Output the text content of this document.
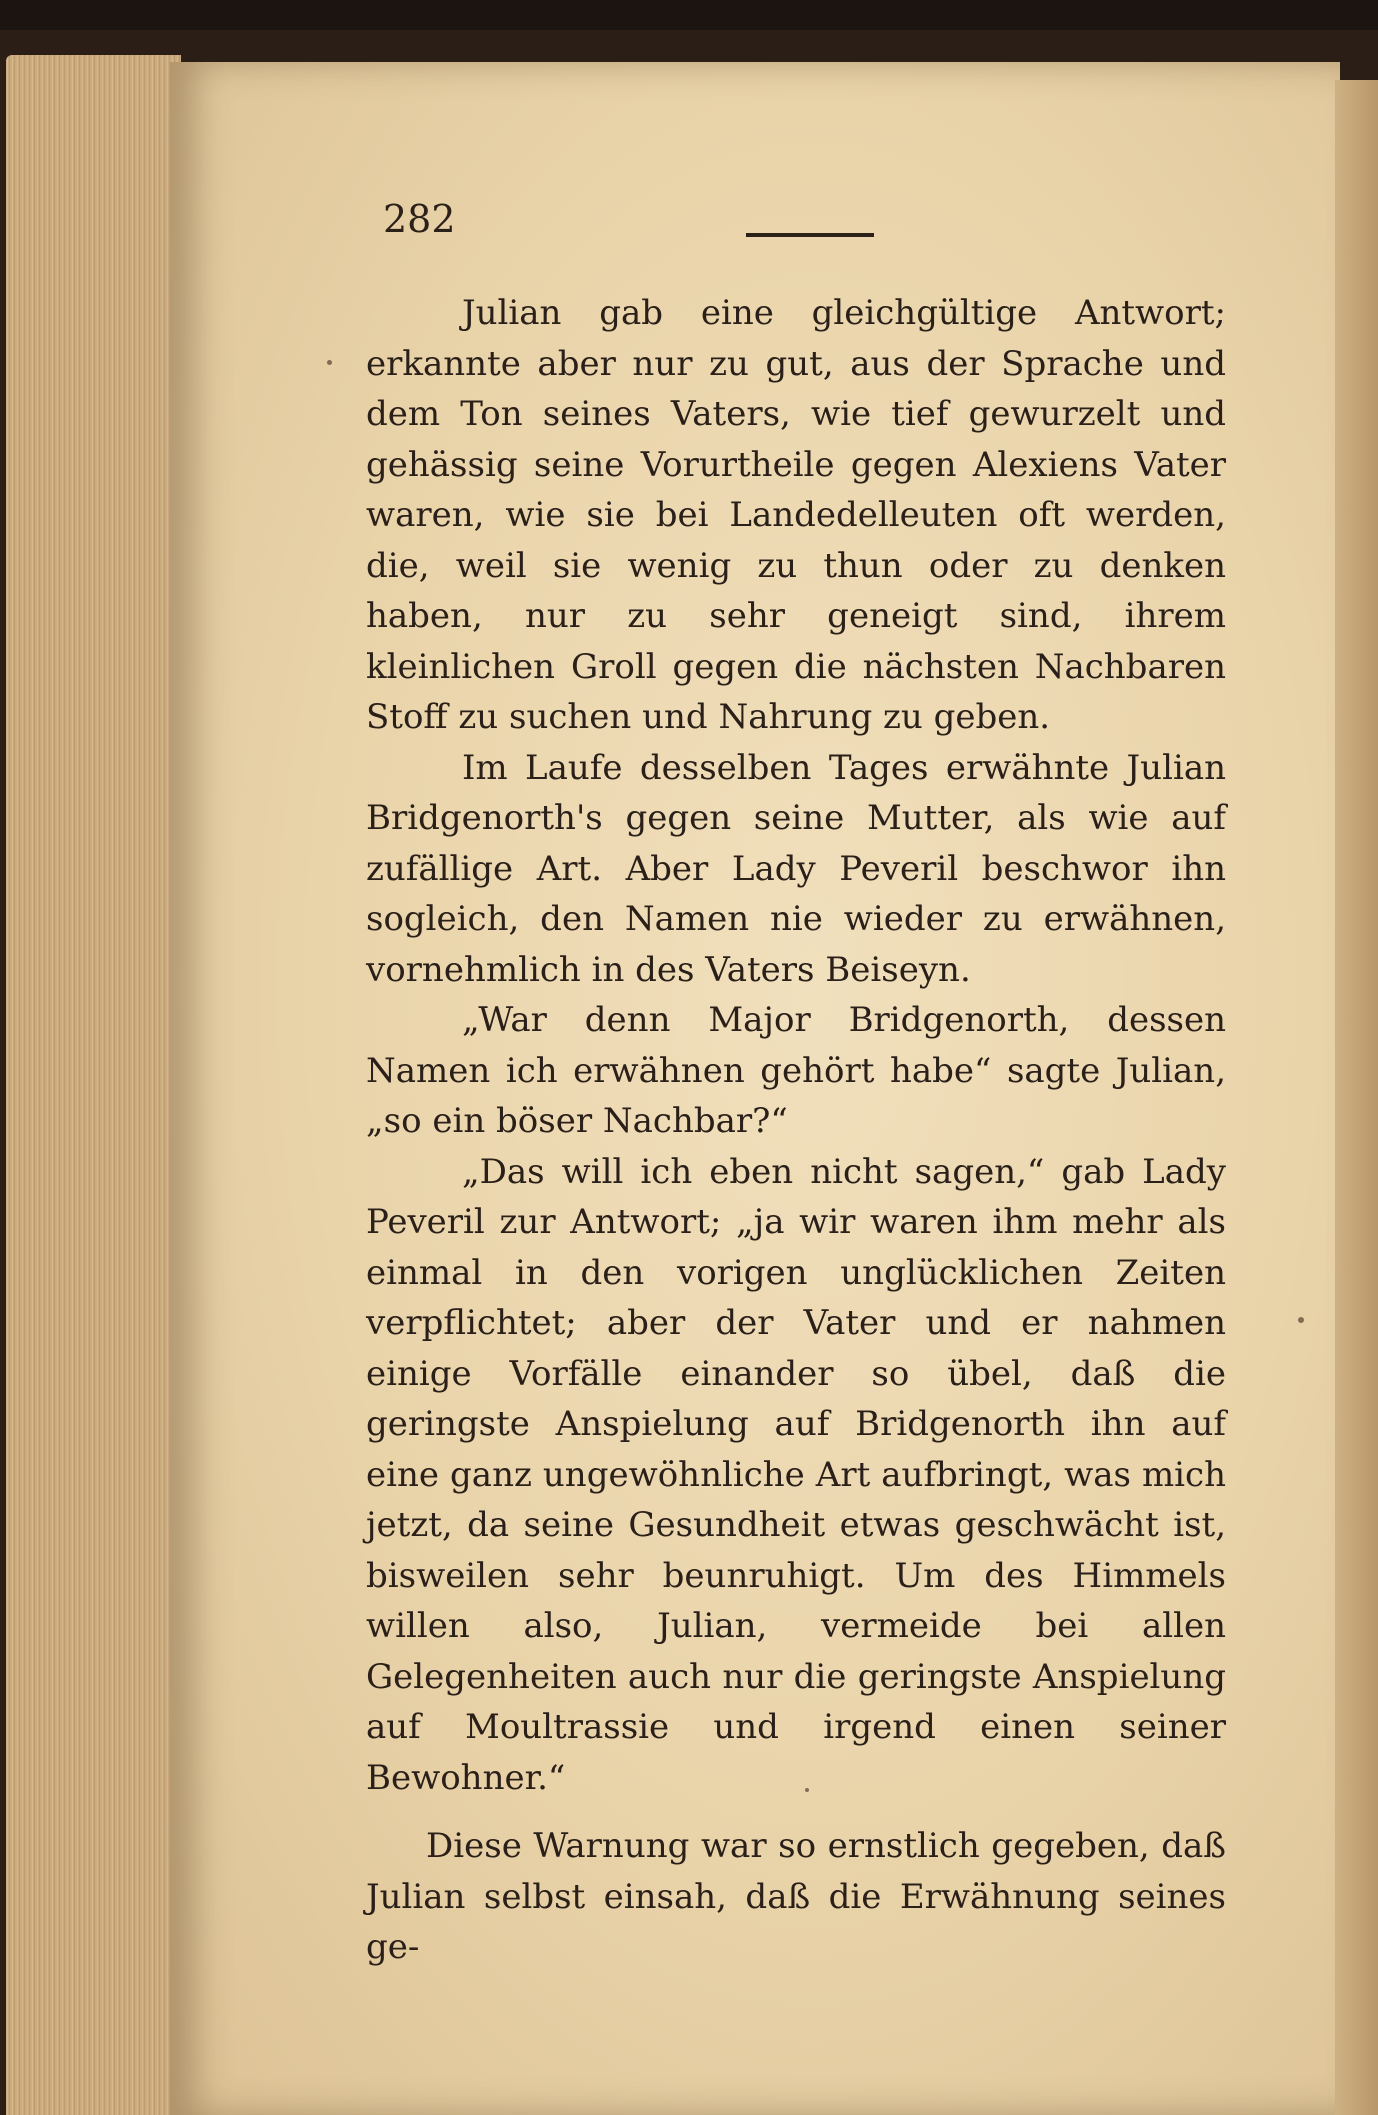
282

Julian gab eine gleichgültige Antwort; erkannte aber nur zu gut, aus der Sprache und dem Ton seines Vaters, wie tief gewurzelt und gehässig seine Vorurtheile gegen Alexiens Vater waren, wie sie bei Landedelleuten oft werden, die, weil sie wenig zu thun oder zu denken haben, nur zu sehr geneigt sind, ihrem kleinlichen Groll gegen die nächsten Nachbaren Stoff zu suchen und Nahrung zu geben.

Im Laufe desselben Tages erwähnte Julian Bridgenorth's gegen seine Mutter, als wie auf zufällige Art. Aber Lady Peveril beschwor ihn sogleich, den Namen nie wieder zu erwähnen, vornehmlich in des Vaters Beiseyn.

„War denn Major Bridgenorth, dessen Namen ich erwähnen gehört habe“ sagte Julian, „so ein böser Nachbar?“

„Das will ich eben nicht sagen,“ gab Lady Peveril zur Antwort; „ja wir waren ihm mehr als einmal in den vorigen unglücklichen Zeiten verpflichtet; aber der Vater und er nahmen einige Vorfälle einander so übel, daß die geringste Anspielung auf Bridgenorth ihn auf eine ganz ungewöhnliche Art aufbringt, was mich jetzt, da seine Gesundheit etwas geschwächt ist, bisweilen sehr beunruhigt. Um des Himmels willen also, Julian, vermeide bei allen Gelegenheiten auch nur die geringste Anspielung auf Moultrassie und irgend einen seiner Bewohner.“

Diese Warnung war so ernstlich gegeben, daß Julian selbst einsah, daß die Erwähnung seines ge-
